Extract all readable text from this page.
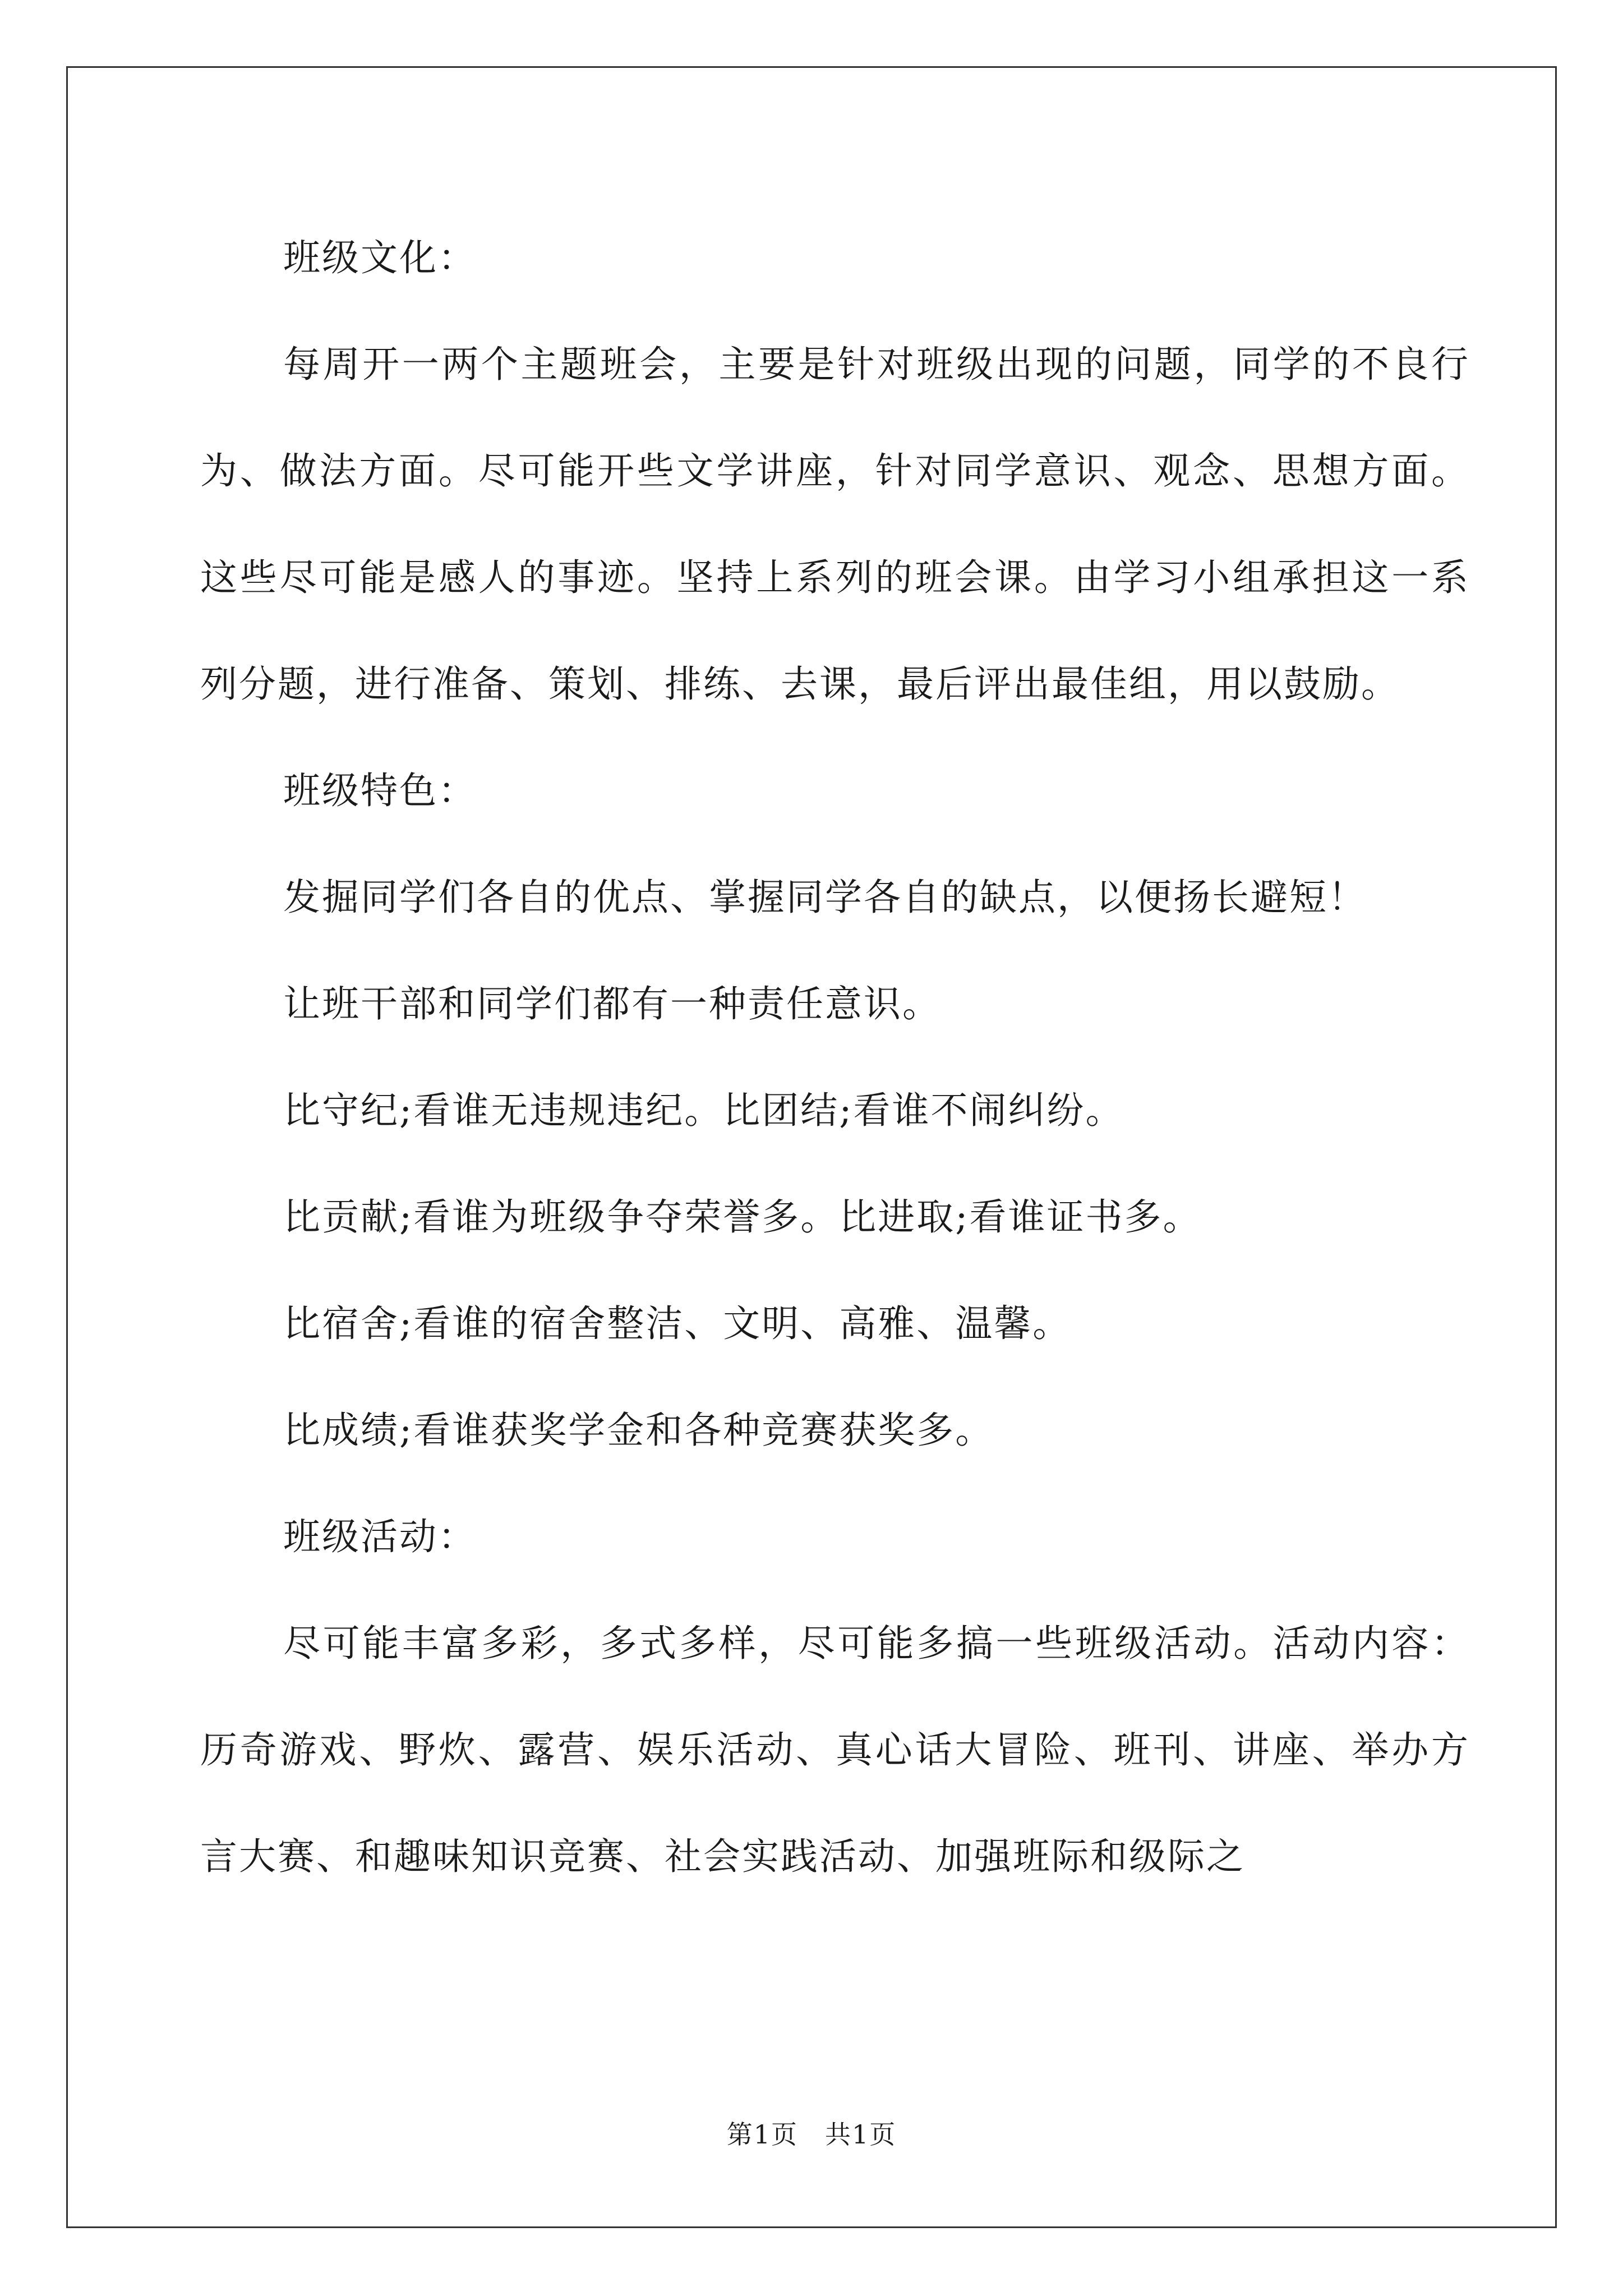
班级文化：

每周开一两个主题班会，主要是针对班级出现的问题，同学的不良行为、做法方面。尽可能开些文学讲座，针对同学意识、观念、思想方面。这些尽可能是感人的事迹。坚持上系列的班会课。由学习小组承担这一系列分题，进行准备、策划、排练、去课，最后评出最佳组，用以鼓励。

班级特色：

发掘同学们各自的优点、掌握同学各自的缺点，以便扬长避短！

让班干部和同学们都有一种责任意识。

比守纪;看谁无违规违纪。比团结;看谁不闹纠纷。

比贡献;看谁为班级争夺荣誉多。比进取;看谁证书多。

比宿舍;看谁的宿舍整洁、文明、高雅、温馨。

比成绩;看谁获奖学金和各种竞赛获奖多。

班级活动：

尽可能丰富多彩，多式多样，尽可能多搞一些班级活动。活动内容：历奇游戏、野炊、露营、娱乐活动、真心话大冒险、班刊、讲座、举办方言大赛、和趣味知识竞赛、社会实践活动、加强班际和级际之

第1页　共1页
